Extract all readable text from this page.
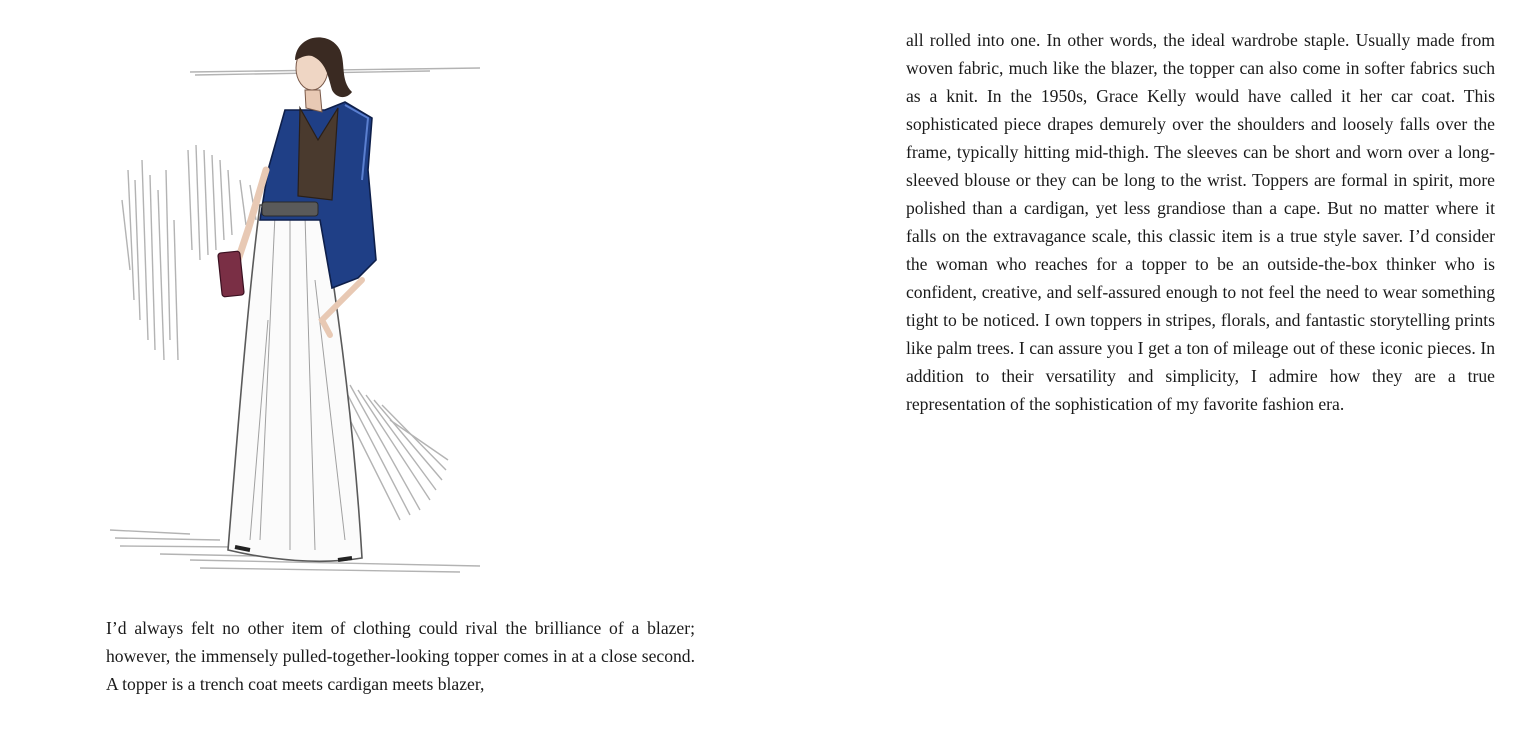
I’d always felt no other item of clothing could rival the brilliance of a blazer; however, the immensely pulled-together-looking topper comes in at a close second. A topper is a trench coat meets cardigan meets blazer,

all rolled into one. In other words, the ideal wardrobe staple. Usually made from woven fabric, much like the blazer, the topper can also come in softer fabrics such as a knit. In the 1950s, Grace Kelly would have called it her car coat. This sophisticated piece drapes demurely over the shoulders and loosely falls over the frame, typically hitting mid-thigh. The sleeves can be short and worn over a long-sleeved blouse or they can be long to the wrist. Toppers are formal in spirit, more polished than a cardigan, yet less grandiose than a cape. But no matter where it falls on the extravagance scale, this classic item is a true style saver. I’d consider the woman who reaches for a topper to be an outside-the-box thinker who is confident, creative, and self-assured enough to not feel the need to wear something tight to be noticed. I own toppers in stripes, florals, and fantastic storytelling prints like palm trees. I can assure you I get a ton of mileage out of these iconic pieces. In addition to their versatility and simplicity, I admire how they are a true representation of the sophistication of my favorite fashion era.
